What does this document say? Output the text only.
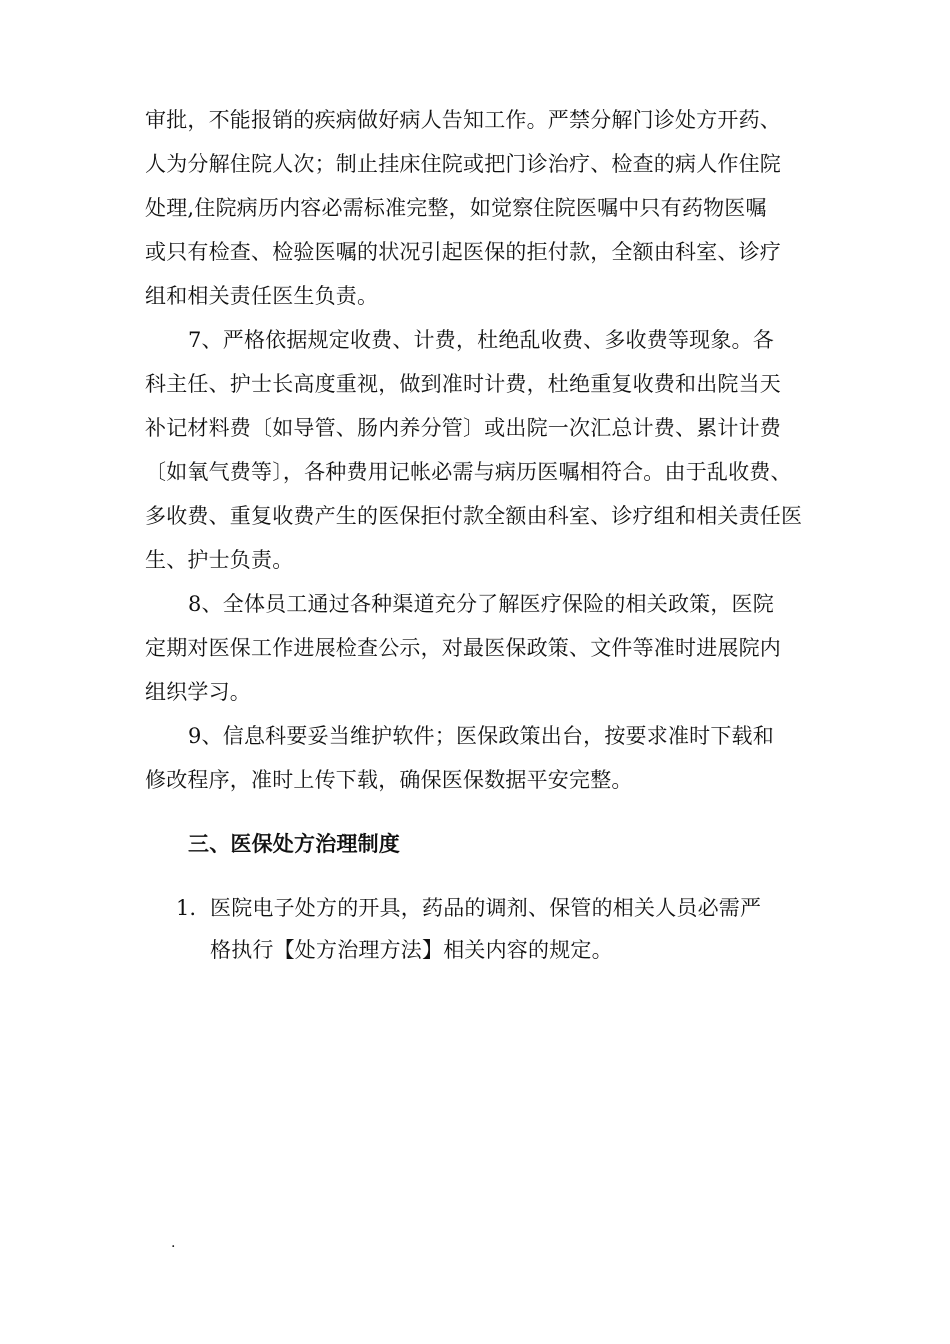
审批，不能报销的疾病做好病人告知工作。严禁分解门诊处方开药、
人为分解住院人次；制止挂床住院或把门诊治疗、检查的病人作住院
处理,住院病历内容必需标准完整，如觉察住院医嘱中只有药物医嘱
或只有检查、检验医嘱的状况引起医保的拒付款，全额由科室、诊疗
组和相关责任医生负责。
7、严格依据规定收费、计费，杜绝乱收费、多收费等现象。各
科主任、护士长高度重视，做到准时计费，杜绝重复收费和出院当天
补记材料费〔如导管、肠内养分管〕或出院一次汇总计费、累计计费
〔如氧气费等〕，各种费用记帐必需与病历医嘱相符合。由于乱收费、
多收费、重复收费产生的医保拒付款全额由科室、诊疗组和相关责任医
生、护士负责。
8、全体员工通过各种渠道充分了解医疗保险的相关政策，医院
定期对医保工作进展检查公示，对最医保政策、文件等准时进展院内
组织学习。
9、信息科要妥当维护软件；医保政策出台，按要求准时下载和
修改程序，准时上传下载，确保医保数据平安完整。
三、医保处方治理制度
1. 医院电子处方的开具，药品的调剂、保管的相关人员必需严
格执行【处方治理方法】相关内容的规定。
.
